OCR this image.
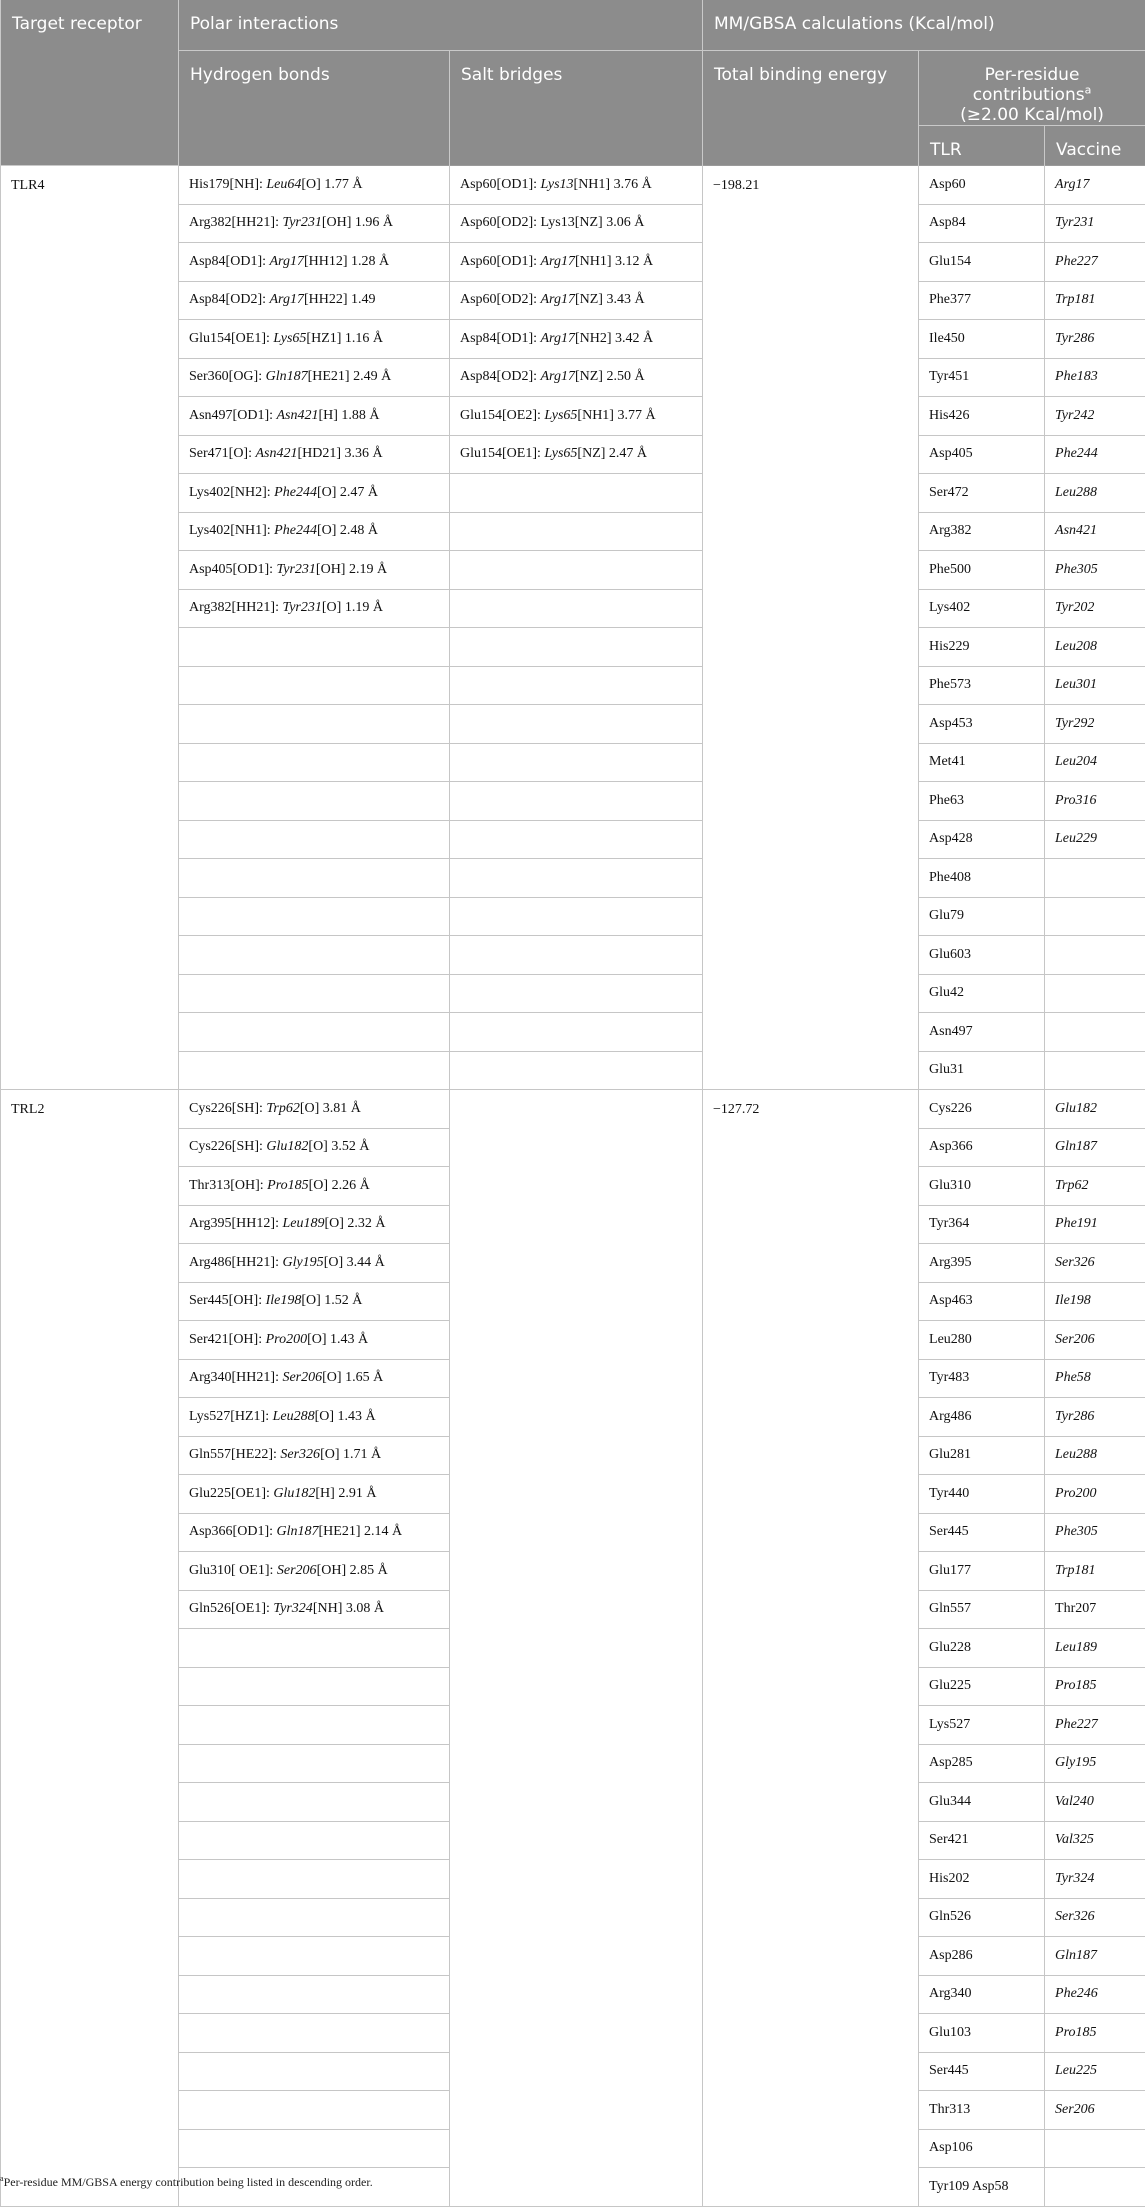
Target receptor	Polar interactions		MM/GBSA calculations (Kcal/mol)		
	Hydrogen bonds	Salt bridges	Total binding energy	Per-residue
contributions$^a$
(≥2.00 Kcal/mol)	
				TLR	Vaccine
TLR4	His179[NH]: Leu64[O] 1.77 Å	Asp60[OD1]: Lys13[NH1] 3.76 Å	−198.21	Asp60	Arg17
	Arg382[HH21]: Tyr231[OH] 1.96 Å	Asp60[OD2]: Lys13[NZ] 3.06 Å		Asp84	Tyr231
	Asp84[OD1]: Arg17[HH12] 1.28 Å	Asp60[OD1]: Arg17[NH1] 3.12 Å		Glu154	Phe227
	Asp84[OD2]: Arg17[HH22] 1.49	Asp60[OD2]: Arg17[NZ] 3.43 Å		Phe377	Trp181
	Glu154[OE1]: Lys65[HZ1] 1.16 Å	Asp84[OD1]: Arg17[NH2] 3.42 Å		Ile450	Tyr286
	Ser360[OG]: Gln187[HE21] 2.49 Å	Asp84[OD2]: Arg17[NZ] 2.50 Å		Tyr451	Phe183
	Asn497[OD1]: Asn421[H] 1.88 Å	Glu154[OE2]: Lys65[NH1] 3.77 Å		His426	Tyr242
	Ser471[O]: Asn421[HD21] 3.36 Å	Glu154[OE1]: Lys65[NZ] 2.47 Å		Asp405	Phe244
	Lys402[NH2]: Phe244[O] 2.47 Å			Ser472	Leu288
	Lys402[NH1]: Phe244[O] 2.48 Å			Arg382	Asn421
	Asp405[OD1]: Tyr231[OH] 2.19 Å			Phe500	Phe305
	Arg382[HH21]: Tyr231[O] 1.19 Å			Lys402	Tyr202
				His229	Leu208
				Phe573	Leu301
				Asp453	Tyr292
				Met41	Leu204
				Phe63	Pro316
				Asp428	Leu229
				Phe408	
				Glu79	
				Glu603	
				Glu42	
				Asn497	
				Glu31	
TRL2	Cys226[SH]: Trp62[O] 3.81 Å		−127.72	Cys226	Glu182
	Cys226[SH]: Glu182[O] 3.52 Å			Asp366	Gln187
	Thr313[OH]: Pro185[O] 2.26 Å			Glu310	Trp62
	Arg395[HH12]: Leu189[O] 2.32 Å			Tyr364	Phe191
	Arg486[HH21]: Gly195[O] 3.44 Å			Arg395	Ser326
	Ser445[OH]: Ile198[O] 1.52 Å			Asp463	Ile198
	Ser421[OH]: Pro200[O] 1.43 Å			Leu280	Ser206
	Arg340[HH21]: Ser206[O] 1.65 Å			Tyr483	Phe58
	Lys527[HZ1]: Leu288[O] 1.43 Å			Arg486	Tyr286
	Gln557[HE22]: Ser326[O] 1.71 Å			Glu281	Leu288
	Glu225[OE1]: Glu182[H] 2.91 Å			Tyr440	Pro200
	Asp366[OD1]: Gln187[HE21] 2.14 Å			Ser445	Phe305
	Glu310[ OE1]: Ser206[OH] 2.85 Å			Glu177	Trp181
	Gln526[OE1]: Tyr324[NH] 3.08 Å			Gln557	Thr207
				Glu228	Leu189
				Glu225	Pro185
				Lys527	Phe227
				Asp285	Gly195
				Glu344	Val240
				Ser421	Val325
				His202	Tyr324
				Gln526	Ser326
				Asp286	Gln187
				Arg340	Phe246
				Glu103	Pro185
				Ser445	Leu225
				Thr313	Ser206
				Asp106	
				Tyr109 Asp58	
$^a$Per-residue MM/GBSA energy contribution being listed in descending order.
